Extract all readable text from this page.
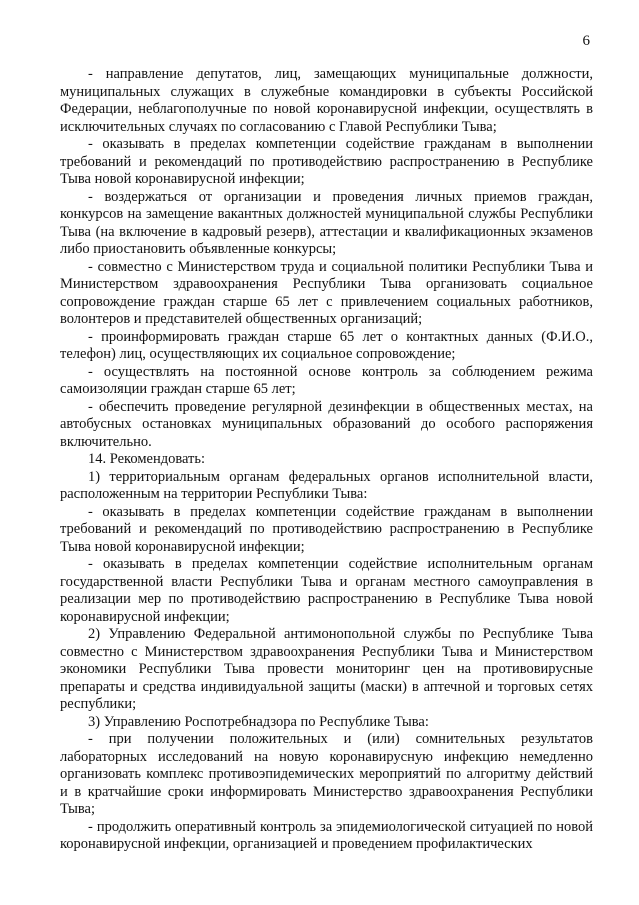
6

- направление депутатов, лиц, замещающих муниципальные должности, муниципальных служащих в служебные командировки в субъекты Российской Федерации, неблагополучные по новой коронавирусной инфекции, осуществлять в исключительных случаях по согласованию с Главой Республики Тыва;

- оказывать в пределах компетенции содействие гражданам в выполнении требований и рекомендаций по противодействию распространению в Республике Тыва новой коронавирусной инфекции;

- воздержаться от организации и проведения личных приемов граждан, конкурсов на замещение вакантных должностей муниципальной службы Республики Тыва (на включение в кадровый резерв), аттестации и квалификационных экзаменов либо приостановить объявленные конкурсы;

- совместно с Министерством труда и социальной политики Республики Тыва и Министерством здравоохранения Республики Тыва организовать социальное сопровождение граждан старше 65 лет с привлечением социальных работников, волонтеров и представителей общественных организаций;

- проинформировать граждан старше 65 лет о контактных данных (Ф.И.О., телефон) лиц, осуществляющих их социальное сопровождение;

- осуществлять на постоянной основе контроль за соблюдением режима самоизоляции граждан старше 65 лет;

- обеспечить проведение регулярной дезинфекции в общественных местах, на автобусных остановках муниципальных образований до особого распоряжения включительно.

14. Рекомендовать:

1) территориальным органам федеральных органов исполнительной власти, расположенным на территории Республики Тыва:

- оказывать в пределах компетенции содействие гражданам в выполнении требований и рекомендаций по противодействию распространению в Республике Тыва новой коронавирусной инфекции;

- оказывать в пределах компетенции содействие исполнительным органам государственной власти Республики Тыва и органам местного самоуправления в реализации мер по противодействию распространению в Республике Тыва новой коронавирусной инфекции;

2) Управлению Федеральной антимонопольной службы по Республике Тыва совместно с Министерством здравоохранения Республики Тыва и Министерством экономики Республики Тыва провести мониторинг цен на противовирусные препараты и средства индивидуальной защиты (маски) в аптечной и торговых сетях республики;

3) Управлению Роспотребнадзора по Республике Тыва:

- при получении положительных и (или) сомнительных результатов лабораторных исследований на новую коронавирусную инфекцию немедленно организовать комплекс противоэпидемических мероприятий по алгоритму действий и в кратчайшие сроки информировать Министерство здравоохранения Республики Тыва;

- продолжить оперативный контроль за эпидемиологической ситуацией по новой коронавирусной инфекции, организацией и проведением профилактических
